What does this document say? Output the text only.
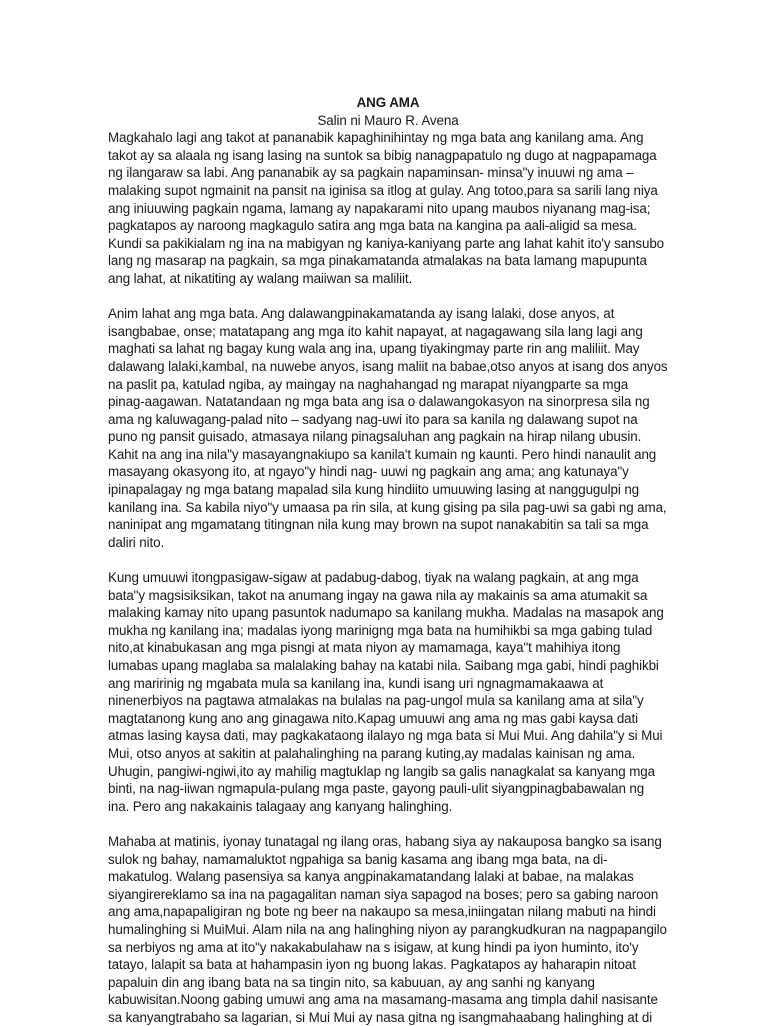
ANG AMA

Salin ni Mauro R. Avena

Magkahalo lagi ang takot at pananabik kapaghinihintay ng mga bata ang kanilang ama. Ang takot ay sa alaala ng isang lasing na suntok sa bibig nanagpapatulo ng dugo at nagpapamaga ng ilangaraw sa labi. Ang pananabik ay sa pagkain napaminsan- minsa"y inuuwi ng ama – malaking supot ngmainit na pansit na iginisa sa itlog at gulay. Ang totoo,para sa sarili lang niya ang iniuuwing pagkain ngama, lamang ay napakarami nito upang maubos niyanang mag-isa; pagkatapos ay naroong magkagulo satira ang mga bata na kangina pa aali-aligid sa mesa. Kundi sa pakikialam ng ina na mabigyan ng kaniya-kaniyang parte ang lahat kahit ito'y sansubo lang ng masarap na pagkain, sa mga pinakamatanda atmalakas na bata lamang mapupunta ang lahat, at nikatiting ay walang maiiwan sa maliliit.

Anim lahat ang mga bata. Ang dalawangpinakamatanda ay isang lalaki, dose anyos, at isangbabae, onse; matatapang ang mga ito kahit napayat, at nagagawang sila lang lagi ang maghati sa lahat ng bagay kung wala ang ina, upang tiyakingmay parte rin ang maliliit. May dalawang lalaki,kambal, na nuwebe anyos, isang maliit na babae,otso anyos at isang dos anyos na paslit pa, katulad ngiba, ay maingay na naghahangad ng marapat niyangparte sa mga pinag-aagawan. Natatandaan ng mga bata ang isa o dalawangokasyon na sinorpresa sila ng ama ng kaluwagang-palad nito – sadyang nag-uwi ito para sa kanila ng dalawang supot na puno ng pansit guisado, atmasaya nilang pinagsaluhan ang pagkain na hirap nilang ubusin. Kahit na ang ina nila"y masayangnakiupo sa kanila't kumain ng kaunti. Pero hindi nanaulit ang masayang okasyong ito, at ngayo"y hindi nag- uuwi ng pagkain ang ama; ang katunaya"y ipinapalagay ng mga batang mapalad sila kung hindiito umuuwing lasing at nanggugulpi ng kanilang ina. Sa kabila niyo"y umaasa pa rin sila, at kung gising pa sila pag-uwi sa gabi ng ama, naninipat ang mgamatang titingnan nila kung may brown na supot nanakabitin sa tali sa mga daliri nito.

Kung umuuwi itongpasigaw-sigaw at padabug-dabog, tiyak na walang pagkain, at ang mga bata"y magsisiksikan, takot na anumang ingay na gawa nila ay makainis sa ama atumakit sa malaking kamay nito upang pasuntok nadumapo sa kanilang mukha. Madalas na masapok ang mukha ng kanilang ina; madalas iyong marinigng mga bata na humihikbi sa mga gabing tulad nito,at kinabukasan ang mga pisngi at mata niyon ay mamamaga, kaya"t mahihiya itong lumabas upang maglaba sa malalaking bahay na katabi nila. Saibang mga gabi, hindi paghikbi ang maririnig ng mgabata mula sa kanilang ina, kundi isang uri ngnagmamakaawa at ninenerbiyos na pagtawa atmalakas na bulalas na pag-ungol mula sa kanilang ama at sila"y magtatanong kung ano ang ginagawa nito.Kapag umuuwi ang ama ng mas gabi kaysa dati atmas lasing kaysa dati, may pagkakataong ilalayo ng mga bata si Mui Mui. Ang dahila"y si Mui Mui, otso anyos at sakitin at palahalinghing na parang kuting,ay madalas kainisan ng ama. Uhugin, pangiwi-ngiwi,ito ay mahilig magtuklap ng langib sa galis nanagkalat sa kanyang mga binti, na nag-iiwan ngmapula-pulang mga paste, gayong pauli-ulit siyangpinagbabawalan ng ina. Pero ang nakakainis talagaay ang kanyang halinghing.

Mahaba at matinis, iyonay tunatagal ng ilang oras, habang siya ay nakauposa bangko sa isang sulok ng bahay, namamaluktot ngpahiga sa banig kasama ang ibang mga bata, na di-makatulog. Walang pasensiya sa kanya angpinakamatandang lalaki at babae, na malakas siyangirereklamo sa ina na pagagalitan naman siya sapagod na boses; pero sa gabing naroon ang ama,napapaligiran ng bote ng beer na nakaupo sa mesa,iniingatan nilang mabuti na hindi humalinghing si MuiMui. Alam nila na ang halinghing niyon ay parangkudkuran na nagpapangilo sa nerbiyos ng ama at ito"y nakakabulahaw na s isigaw, at kung hindi pa iyon huminto, ito'y tatayo, lalapit sa bata at hahampasin iyon ng buong lakas. Pagkatapos ay haharapin nitoat papaluin din ang ibang bata na sa tingin nito, sa kabuuan, ay ang sanhi ng kanyang kabuwisitan.Noong gabing umuwi ang ama na masamang-masama ang timpla dahil nasisante sa kanyangtrabaho sa lagarian, si Mui Mui ay nasa gitna ng isangmahaabang halinghing at di
